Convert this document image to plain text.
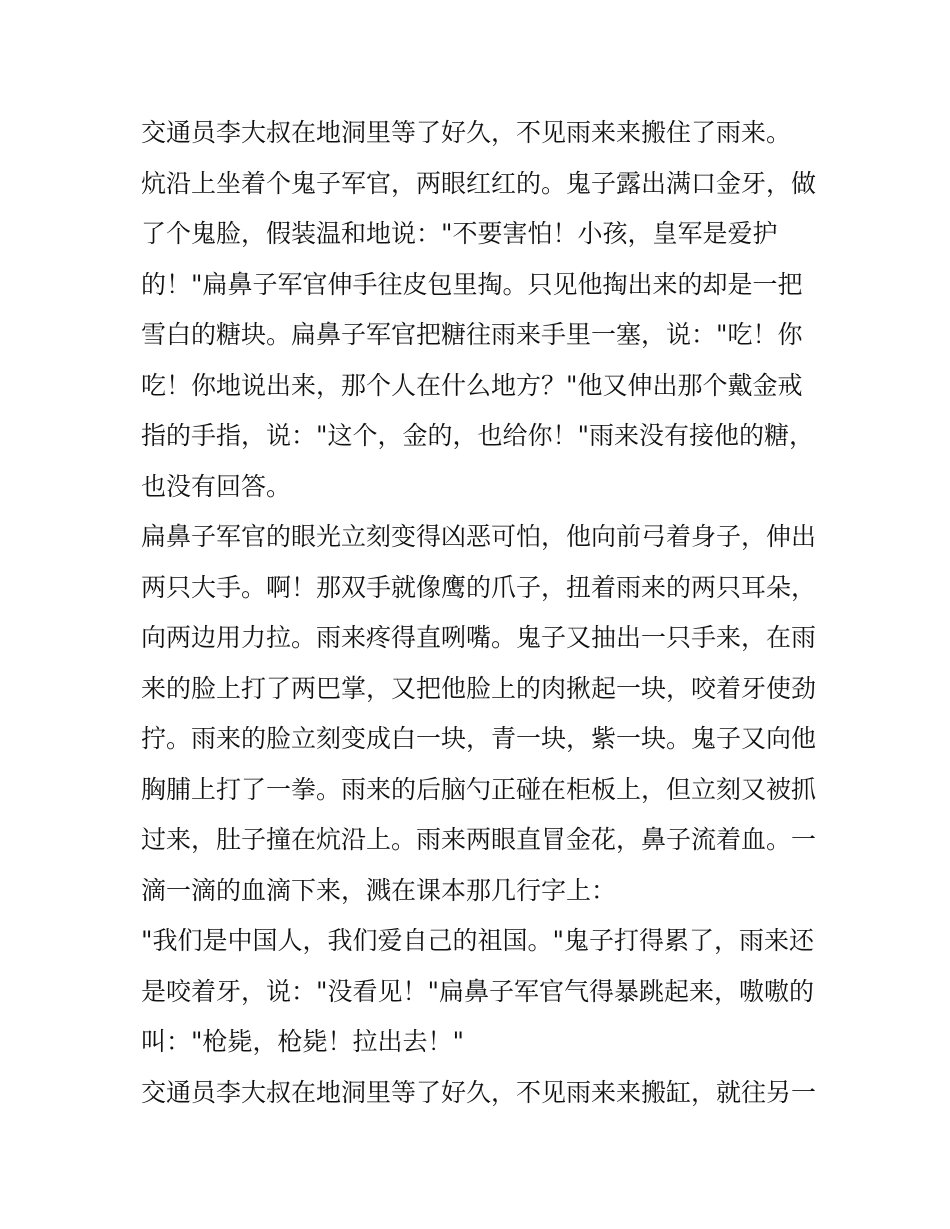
交通员李大叔在地洞里等了好久，不见雨来来搬住了雨来。
炕沿上坐着个鬼子军官，两眼红红的。鬼子露出满口金牙，做
了个鬼脸，假装温和地说："不要害怕！小孩，皇军是爱护
的！"扁鼻子军官伸手往皮包里掏。只见他掏出来的却是一把
雪白的糖块。扁鼻子军官把糖往雨来手里一塞，说："吃！你
吃！你地说出来，那个人在什么地方？"他又伸出那个戴金戒
指的手指，说："这个，金的，也给你！"雨来没有接他的糖，
也没有回答。
扁鼻子军官的眼光立刻变得凶恶可怕，他向前弓着身子，伸出
两只大手。啊！那双手就像鹰的爪子，扭着雨来的两只耳朵，
向两边用力拉。雨来疼得直咧嘴。鬼子又抽出一只手来，在雨
来的脸上打了两巴掌，又把他脸上的肉揪起一块，咬着牙使劲
拧。雨来的脸立刻变成白一块，青一块，紫一块。鬼子又向他
胸脯上打了一拳。雨来的后脑勺正碰在柜板上，但立刻又被抓
过来，肚子撞在炕沿上。雨来两眼直冒金花，鼻子流着血。一
滴一滴的血滴下来，溅在课本那几行字上：
"我们是中国人，我们爱自己的祖国。"鬼子打得累了，雨来还
是咬着牙，说："没看见！"扁鼻子军官气得暴跳起来，嗷嗷的
叫："枪毙，枪毙！拉出去！"
交通员李大叔在地洞里等了好久，不见雨来来搬缸，就往另一
